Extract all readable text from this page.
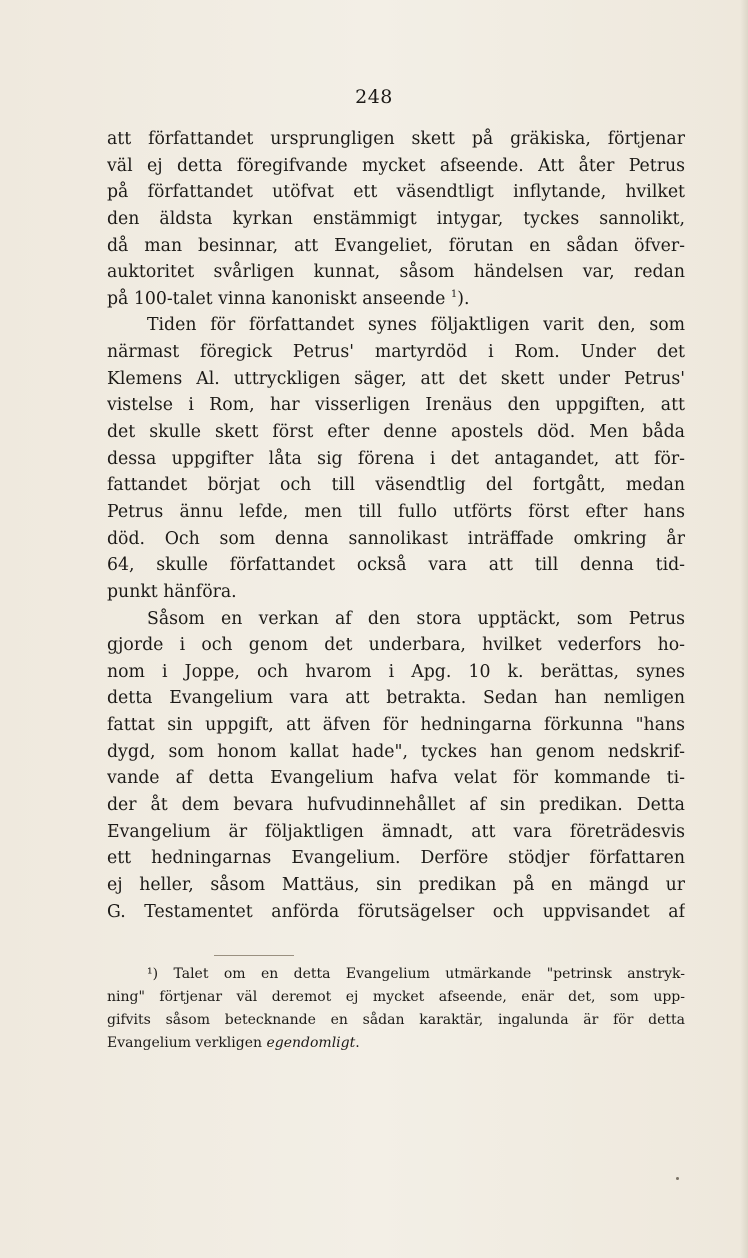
248
att författandet ursprungligen skett på gräkiska, förtjenar
väl ej detta föregifvande mycket afseende. Att åter Petrus
på författandet utöfvat ett väsendtligt inflytande, hvilket
den äldsta kyrkan enstämmigt intygar, tyckes sannolikt,
då man besinnar, att Evangeliet, förutan en sådan öfver-
auktoritet svårligen kunnat, såsom händelsen var, redan
på 100-talet vinna kanoniskt anseende $^1$).
Tiden för författandet synes följaktligen varit den, som
närmast föregick Petrus' martyrdöd i Rom. Under det
Klemens Al. uttryckligen säger, att det skett under Petrus'
vistelse i Rom, har visserligen Irenäus den uppgiften, att
det skulle skett först efter denne apostels död. Men båda
dessa uppgifter låta sig förena i det antagandet, att för-
fattandet börjat och till väsendtlig del fortgått, medan
Petrus ännu lefde, men till fullo utförts först efter hans
död. Och som denna sannolikast inträffade omkring år
64, skulle författandet också vara att till denna tid-
punkt hänföra.
Såsom en verkan af den stora upptäckt, som Petrus
gjorde i och genom det underbara, hvilket vederfors ho-
nom i Joppe, och hvarom i Apg. 10 k. berättas, synes
detta Evangelium vara att betrakta. Sedan han nemligen
fattat sin uppgift, att äfven för hedningarna förkunna "hans
dygd, som honom kallat hade", tyckes han genom nedskrif-
vande af detta Evangelium hafva velat för kommande ti-
der åt dem bevara hufvudinnehållet af sin predikan. Detta
Evangelium är följaktligen ämnadt, att vara företrädesvis
ett hedningarnas Evangelium. Derföre stödjer författaren
ej heller, såsom Mattäus, sin predikan på en mängd ur
G. Testamentet anförda förutsägelser och uppvisandet af
¹) Talet om en detta Evangelium utmärkande "petrinsk anstryk-
ning" förtjenar väl deremot ej mycket afseende, enär det, som upp-
gifvits såsom betecknande en sådan karaktär, ingalunda är för detta
Evangelium verkligen egendomligt.
